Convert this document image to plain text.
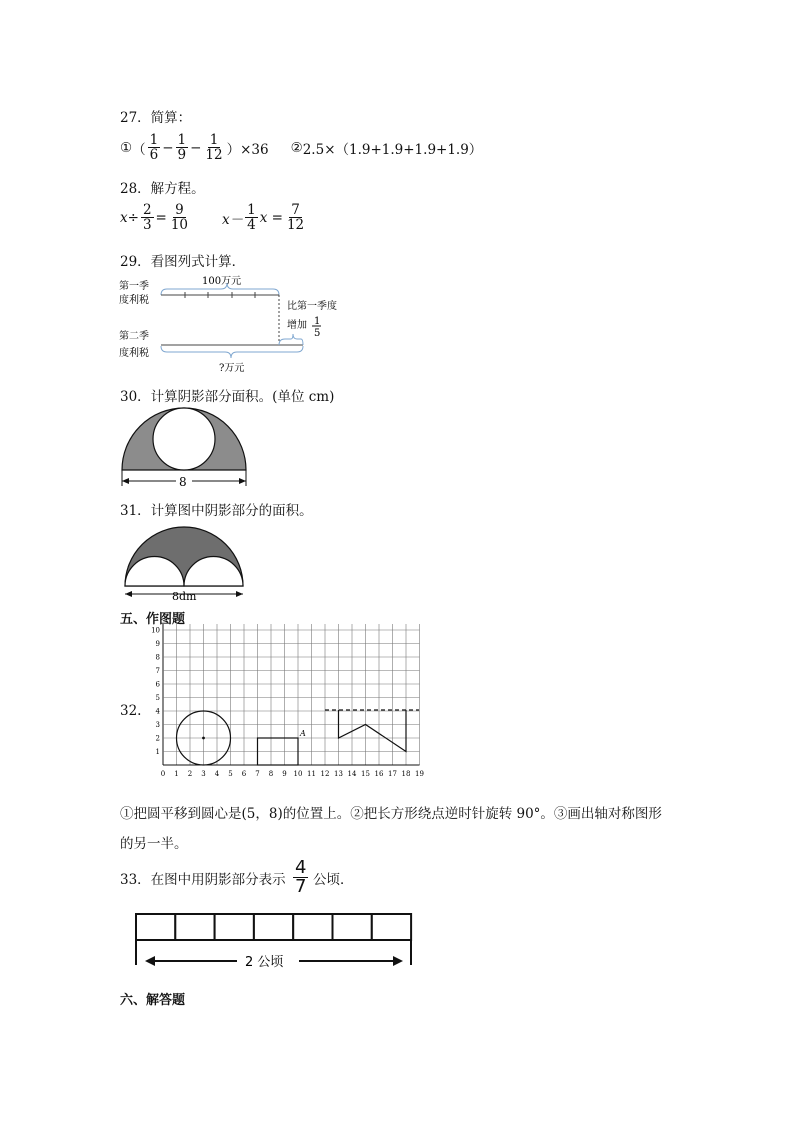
27．简算：
① （ $\frac{1}{6} - \frac{1}{9} - \frac{1}{12} )\times 36$ ② 2.5×（1.9+1.9+1.9+1.9）
28．解方程。
$x\div \frac{2}{3} = \frac{9}{10} x- \frac{1}{4}$ $x = \frac{7}{12}$
29．看图列式计算．
第一季
度利税
第二季
度利税
100万元
比第一季度
增加 1
5
?万元
30．计算阴影部分面积。(单位 cm)
8
31．计算图中阴影部分的面积。
8dm
五、作图题
32.
10
9
8
7
6
5
4
3
2
1
0 1 2 3 4 5 6 7 8 9 10 11 12 13 14 15 16 17 18 19
A
①把圆平移到圆心是(5，8)的位置上。②把长方形绕点逆时针旋转 90°。③画出轴对称图形
的另一半。
33．在图中用阴影部分表示 $\frac{4}{7}$ 公顷．
2 公顷
六、解答题
